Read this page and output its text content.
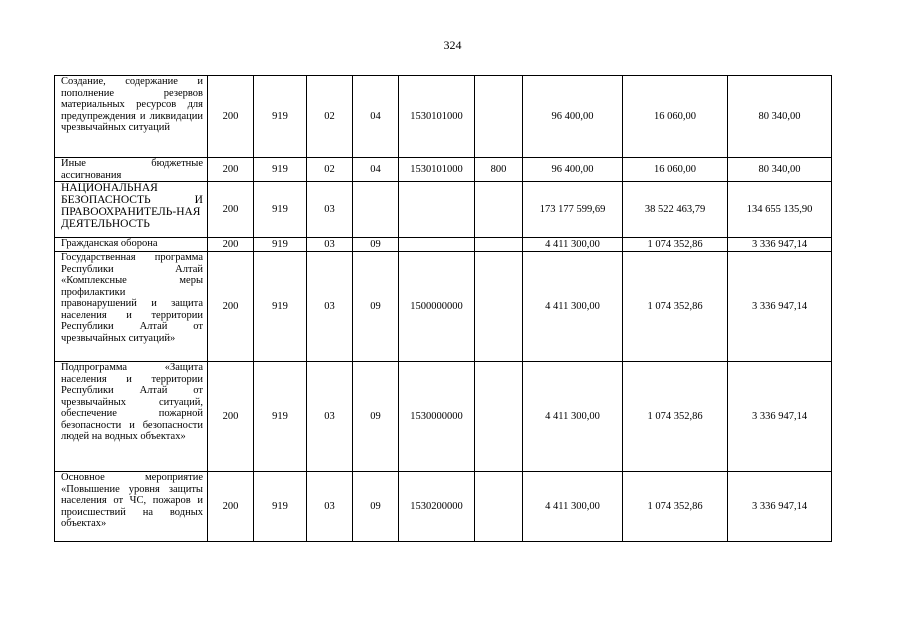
324
Создание, содержание и пополнение резервов материальных ресурсов для предупреждения и ликвидации чрезвычайных ситуаций	200	919	02	04	1530101000		96 400,00	16 060,00	80 340,00
Иные бюджетные ассигнования	200	919	02	04	1530101000	800	96 400,00	16 060,00	80 340,00
НАЦИОНАЛЬНАЯ БЕЗОПАСНОСТЬ И ПРАВООХРАНИТЕЛЬ-НАЯ ДЕЯТЕЛЬНОСТЬ	200	919	03				173 177 599,69	38 522 463,79	134 655 135,90
Гражданская оборона	200	919	03	09			4 411 300,00	1 074 352,86	3 336 947,14
Государственная программа Республики Алтай «Комплексные меры профилактики правонарушений и защита населения и территории Республики Алтай от чрезвычайных ситуаций»	200	919	03	09	1500000000		4 411 300,00	1 074 352,86	3 336 947,14
Подпрограмма «Защита населения и территории Республики Алтай от чрезвычайных ситуаций, обеспечение пожарной безопасности и безопасности людей на водных объектах»	200	919	03	09	1530000000		4 411 300,00	1 074 352,86	3 336 947,14
Основное мероприятие «Повышение уровня защиты населения от ЧС, пожаров и происшествий на водных объектах»	200	919	03	09	1530200000		4 411 300,00	1 074 352,86	3 336 947,14
